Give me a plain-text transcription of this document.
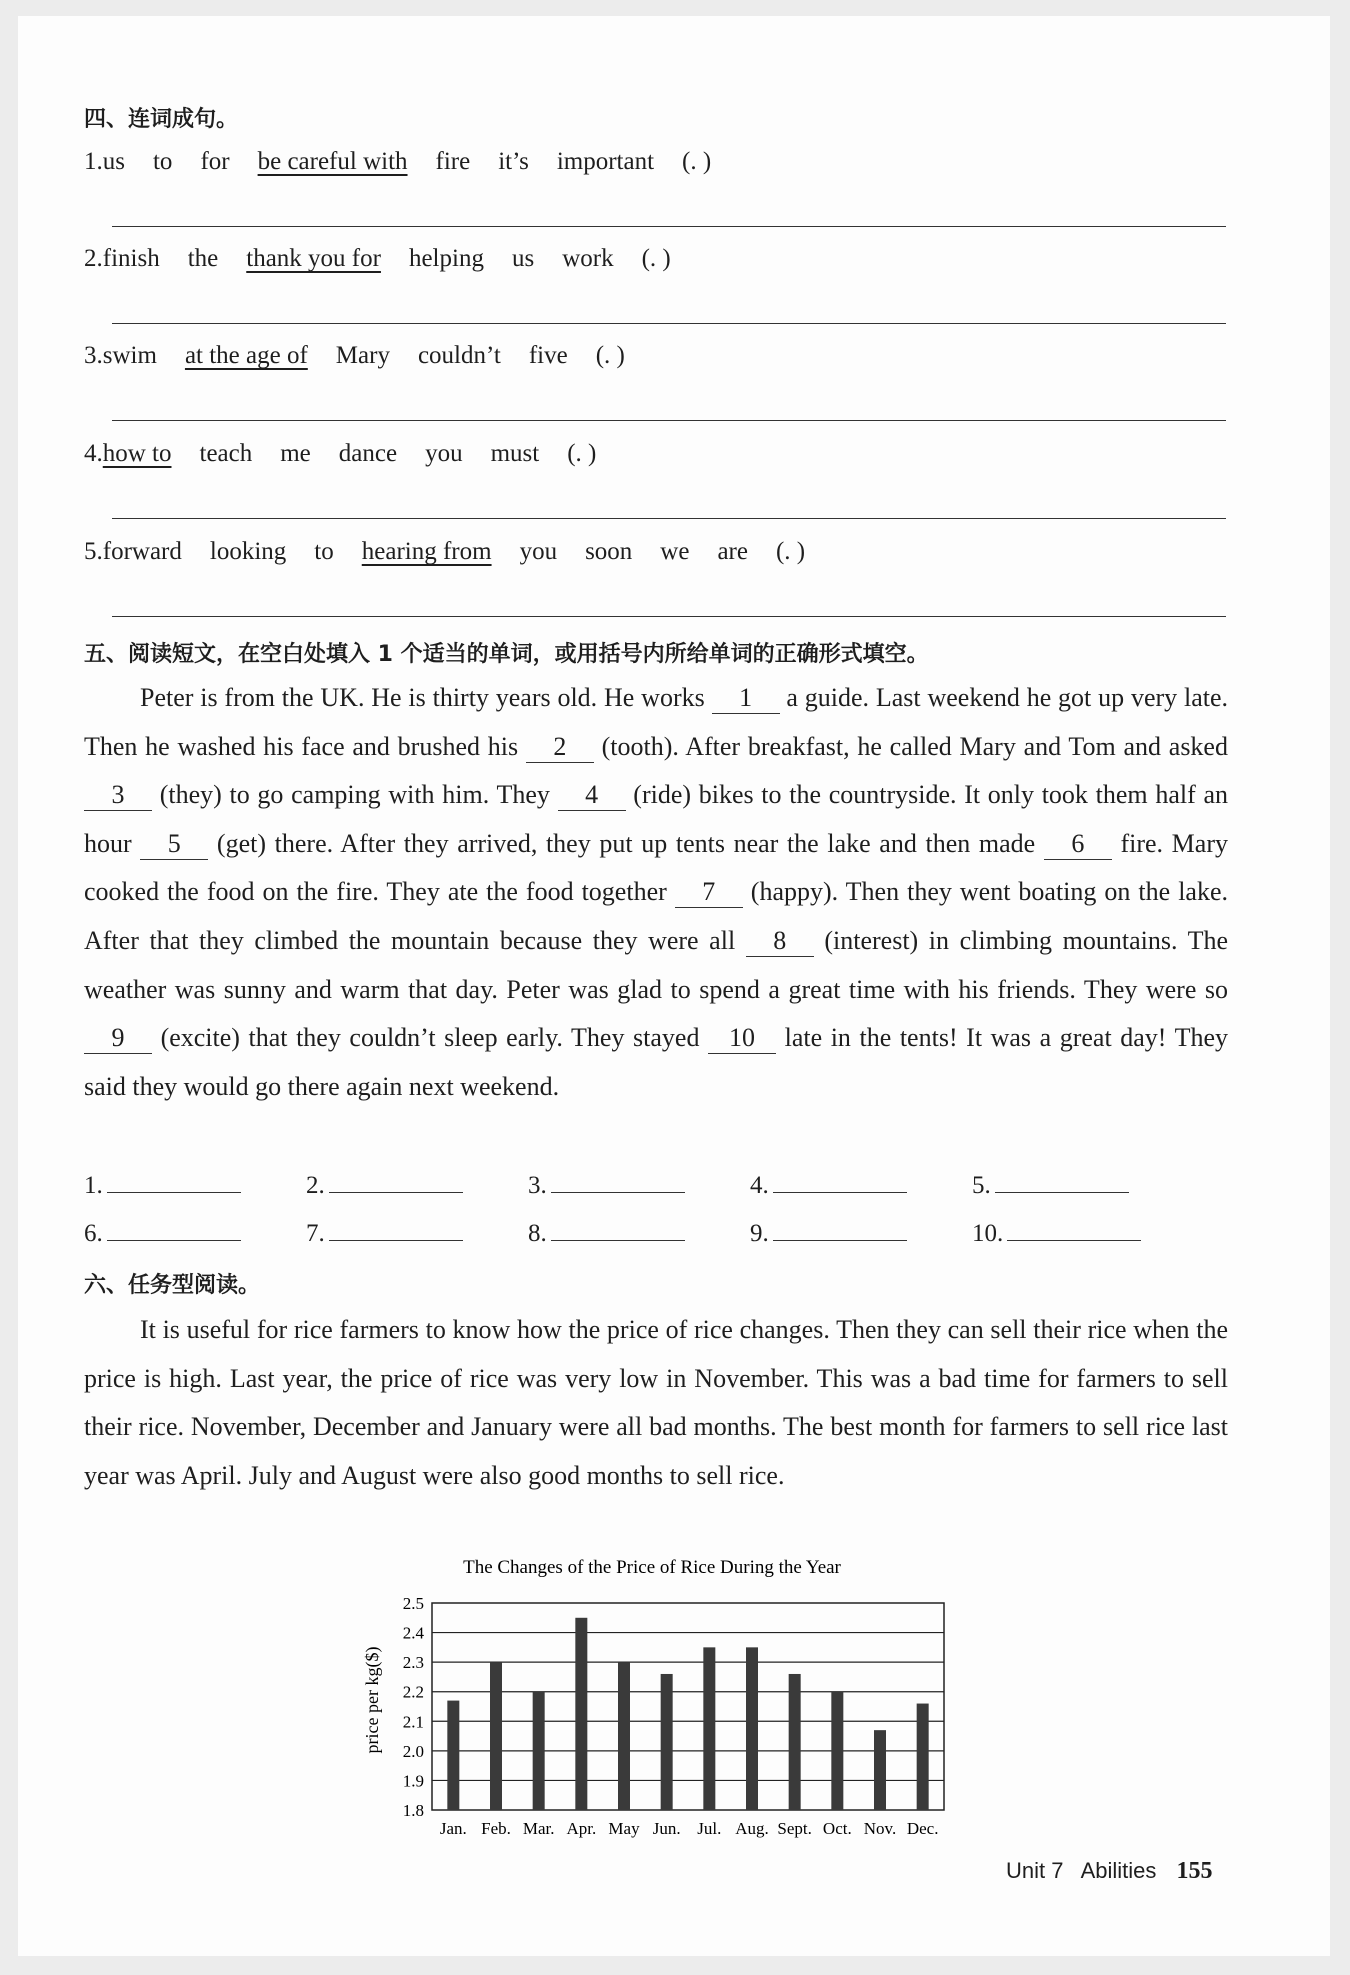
四、连词成句。
1. us to for be careful with fire it’s important (. )
2. finish the thank you for helping us work (. )
3. swim at the age of Mary couldn’t five (. )
4. how to teach me dance you must (. )
5. forward looking to hearing from you soon we are (. )
五、阅读短文，在空白处填入 1 个适当的单词，或用括号内所给单词的正确形式填空。
Peter is from the UK. He is thirty years old. He works 1 a guide. Last weekend he got up very late. Then he washed his face and brushed his 2 (tooth). After breakfast, he called Mary and Tom and asked 3 (they) to go camping with him. They 4 (ride) bikes to the countryside. It only took them half an hour 5 (get) there. After they arrived, they put up tents near the lake and then made 6 fire. Mary cooked the food on the fire. They ate the food together 7 (happy). Then they went boating on the lake. After that they climbed the mountain because they were all 8 (interest) in climbing mountains. The weather was sunny and warm that day. Peter was glad to spend a great time with his friends. They were so 9 (excite) that they couldn’t sleep early. They stayed 10 late in the tents! It was a great day! They said they would go there again next weekend.
1.	2.	3.	4.	5.
6.	7.	8.	9.	10.
六、任务型阅读。
It is useful for rice farmers to know how the price of rice changes. Then they can sell their rice when the price is high. Last year, the price of rice was very low in November. This was a bad time for farmers to sell their rice. November, December and January were all bad months. The best month for farmers to sell rice last year was April. July and August were also good months to sell rice.
The Changes of the Price of Rice During the Year
price per kg($)
2.5
2.4
2.3
2.2
2.1
2.0
1.9
1.8
Jan. Feb. Mar. Apr. May Jun. Jul. Aug. Sept. Oct. Nov. Dec.
Unit 7 Abilities 155
